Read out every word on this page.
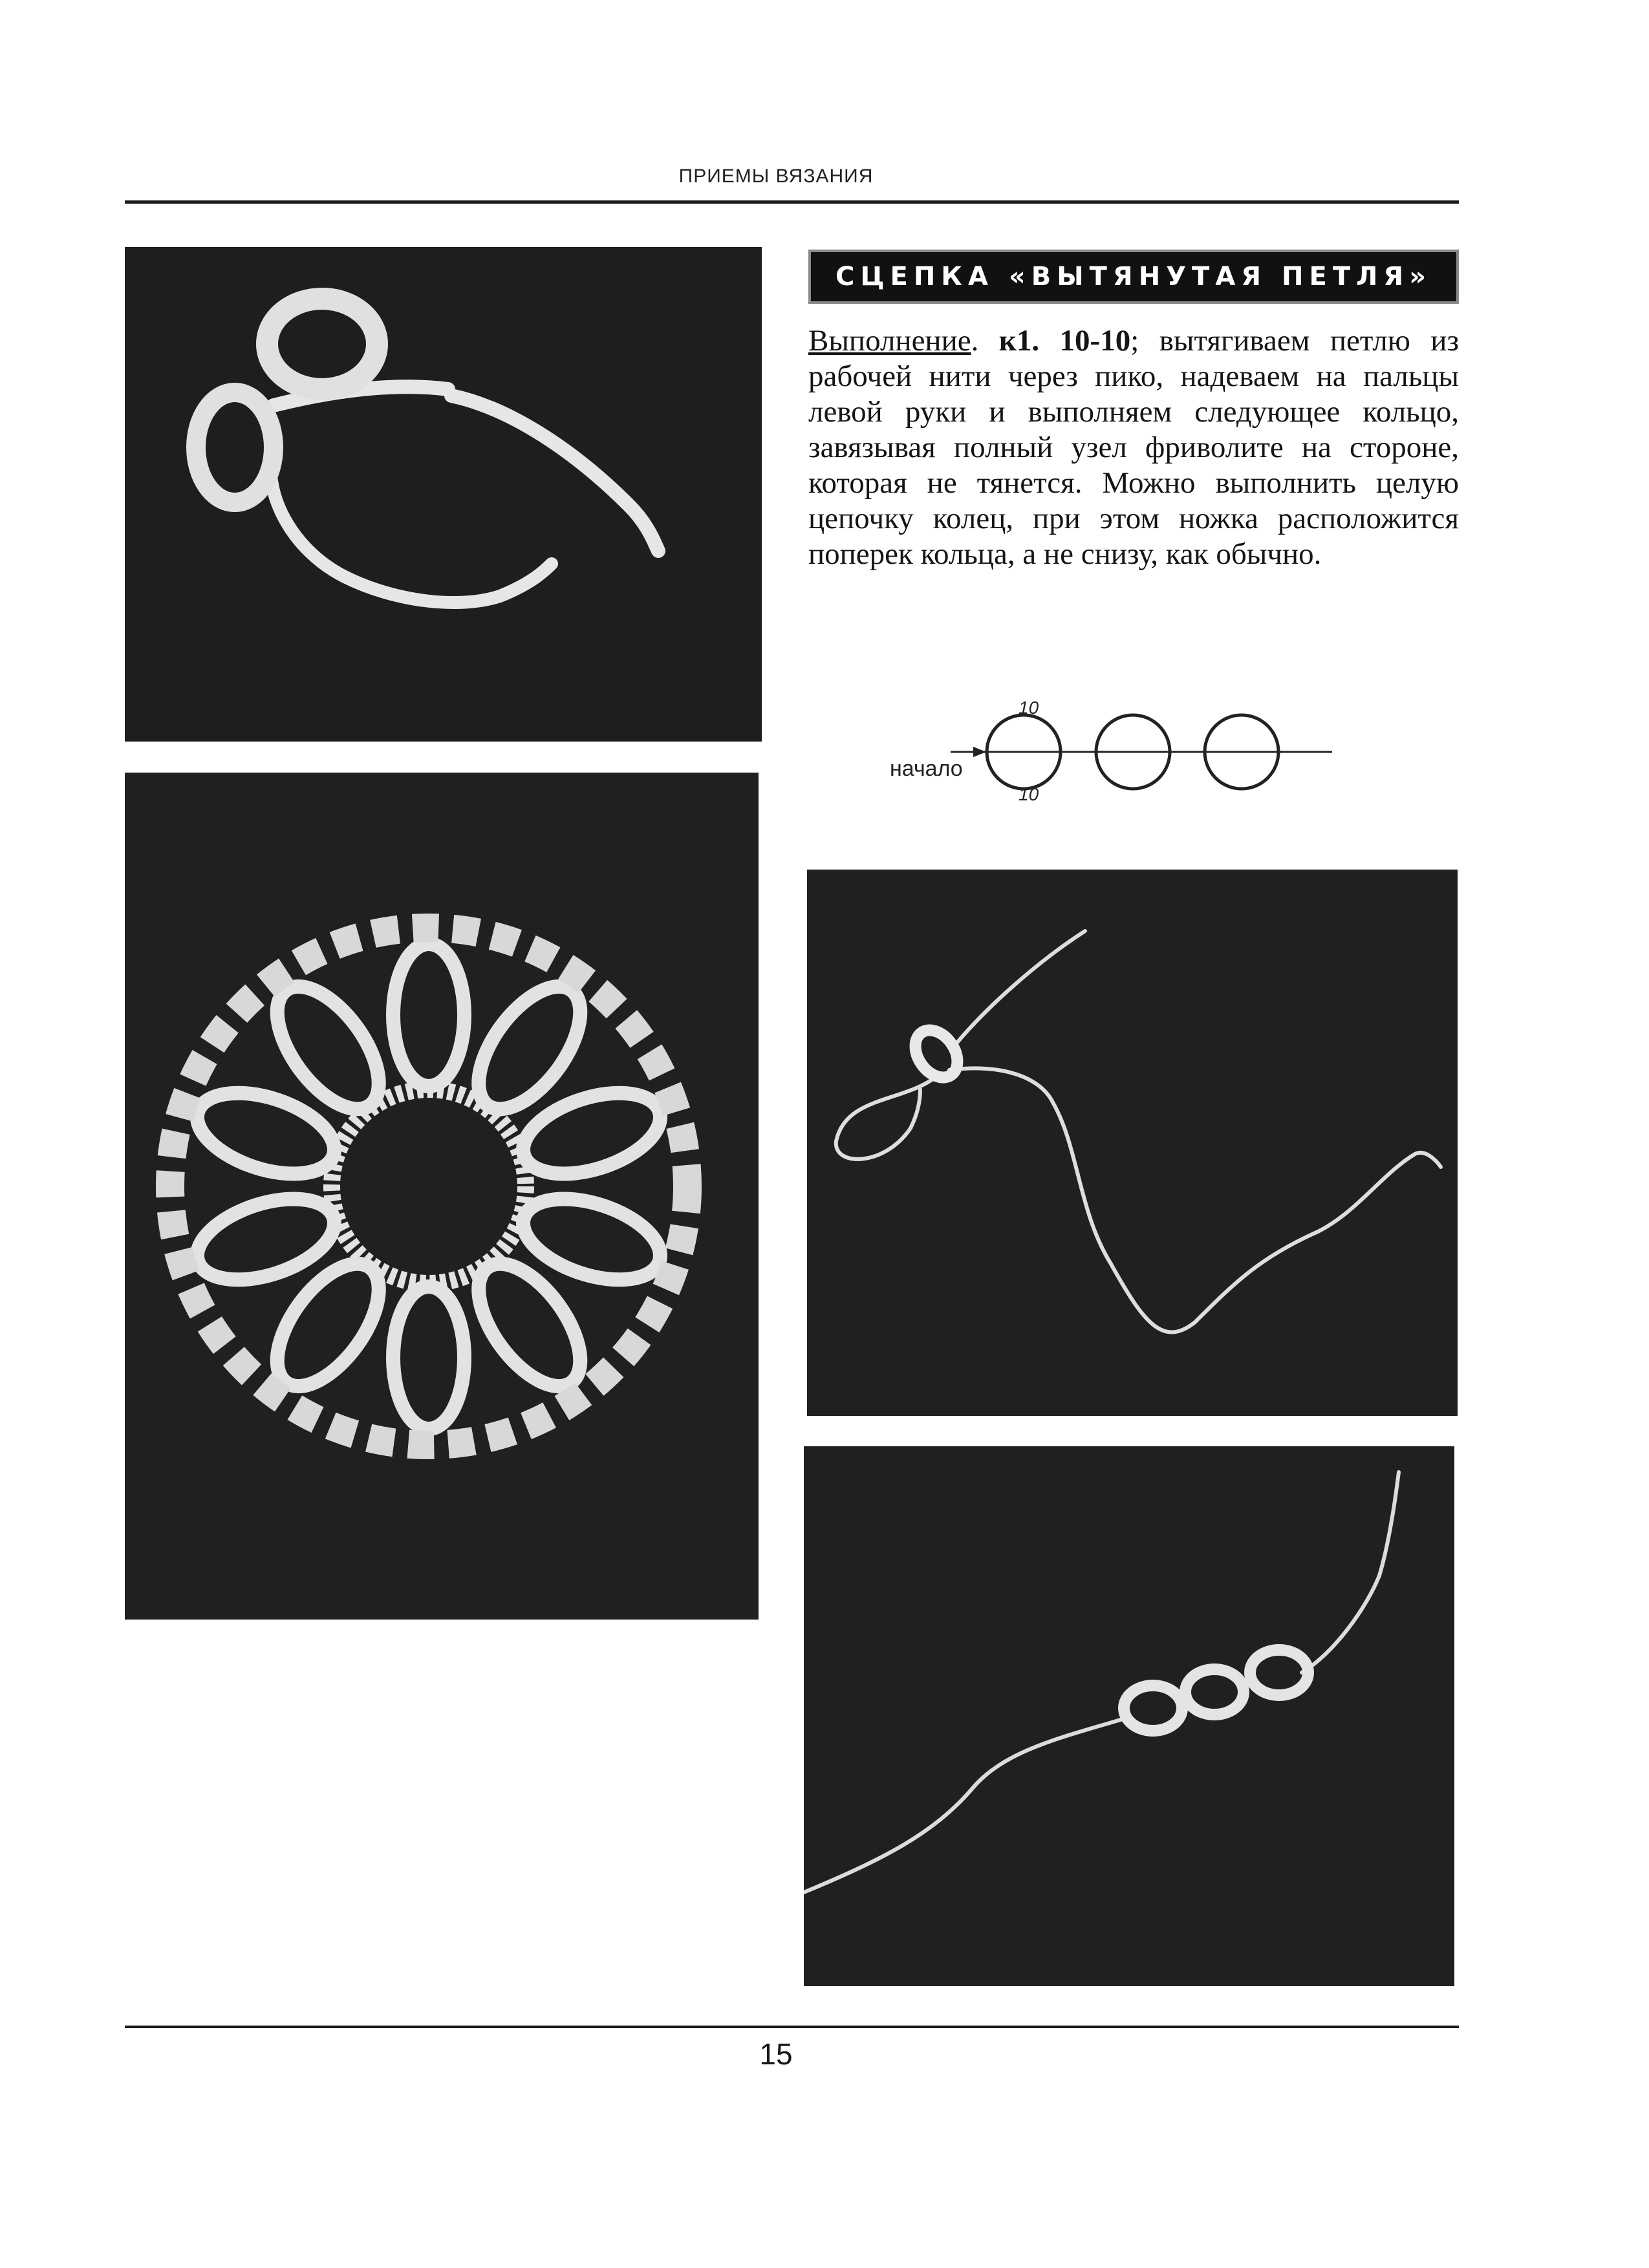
ПРИЕМЫ ВЯЗАНИЯ
СЦЕПКА «ВЫТЯНУТАЯ ПЕТЛЯ»
Выполнение. к1. 10-10; вытягиваем петлю из рабочей нити через пико, надеваем на пальцы левой руки и выполняем следующее кольцо, завязывая полный узел фриволите на стороне, которая не тянется. Можно выполнить целую цепочку колец, при этом ножка расположится поперек кольца, а не снизу, как обычно.
начало
10
10
15
